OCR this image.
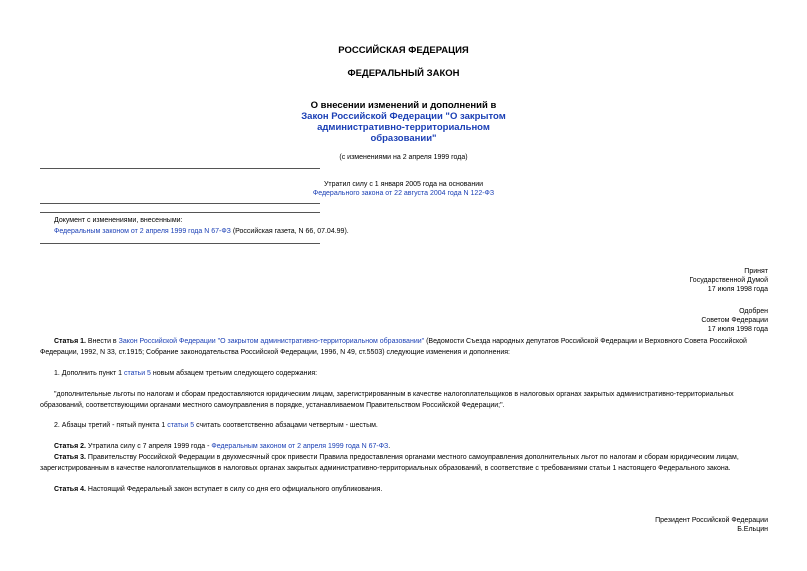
РОССИЙСКАЯ ФЕДЕРАЦИЯ
ФЕДЕРАЛЬНЫЙ ЗАКОН
О внесении изменений и дополнений в
Закон Российской Федерации "О закрытом административно-территориальном образовании"
(с изменениями на 2 апреля 1999 года)
Утратил силу с 1 января 2005 года на основании
Федерального закона от 22 августа 2004 года N 122-ФЗ
Документ с изменениями, внесенными:
Федеральным законом от 2 апреля 1999 года N 67-ФЗ (Российская газета, N 66, 07.04.99).
Принят
Государственной Думой
17 июля 1998 года
Одобрен
Советом Федерации
17 июля 1998 года
Статья 1. Внести в Закон Российской Федерации "О закрытом административно-территориальном образовании" (Ведомости Съезда народных депутатов Российской Федерации и Верховного Совета Российской Федерации, 1992, N 33, ст.1915; Собрание законодательства Российской Федерации, 1996, N 49, ст.5503) следующие изменения и дополнения:
1. Дополнить пункт 1 статьи 5 новым абзацем третьим следующего содержания:
"дополнительные льготы по налогам и сборам предоставляются юридическим лицам, зарегистрированным в качестве налогоплательщиков в налоговых органах закрытых административно-территориальных образований, соответствующими органами местного самоуправления в порядке, устанавливаемом Правительством Российской Федерации;".
2. Абзацы третий - пятый пункта 1 статьи 5 считать соответственно абзацами четвертым - шестым.
Статья 2. Утратила силу с 7 апреля 1999 года - Федеральным законом от 2 апреля 1999 года N 67-ФЗ.
Статья 3. Правительству Российской Федерации в двухмесячный срок привести Правила предоставления органами местного самоуправления дополнительных льгот по налогам и сборам юридическим лицам, зарегистрированным в качестве налогоплательщиков в налоговых органах закрытых административно-территориальных образований, в соответствие с требованиями статьи 1 настоящего Федерального закона.
Статья 4. Настоящий Федеральный закон вступает в силу со дня его официального опубликования.
Президент Российской Федерации
Б.Ельцин
